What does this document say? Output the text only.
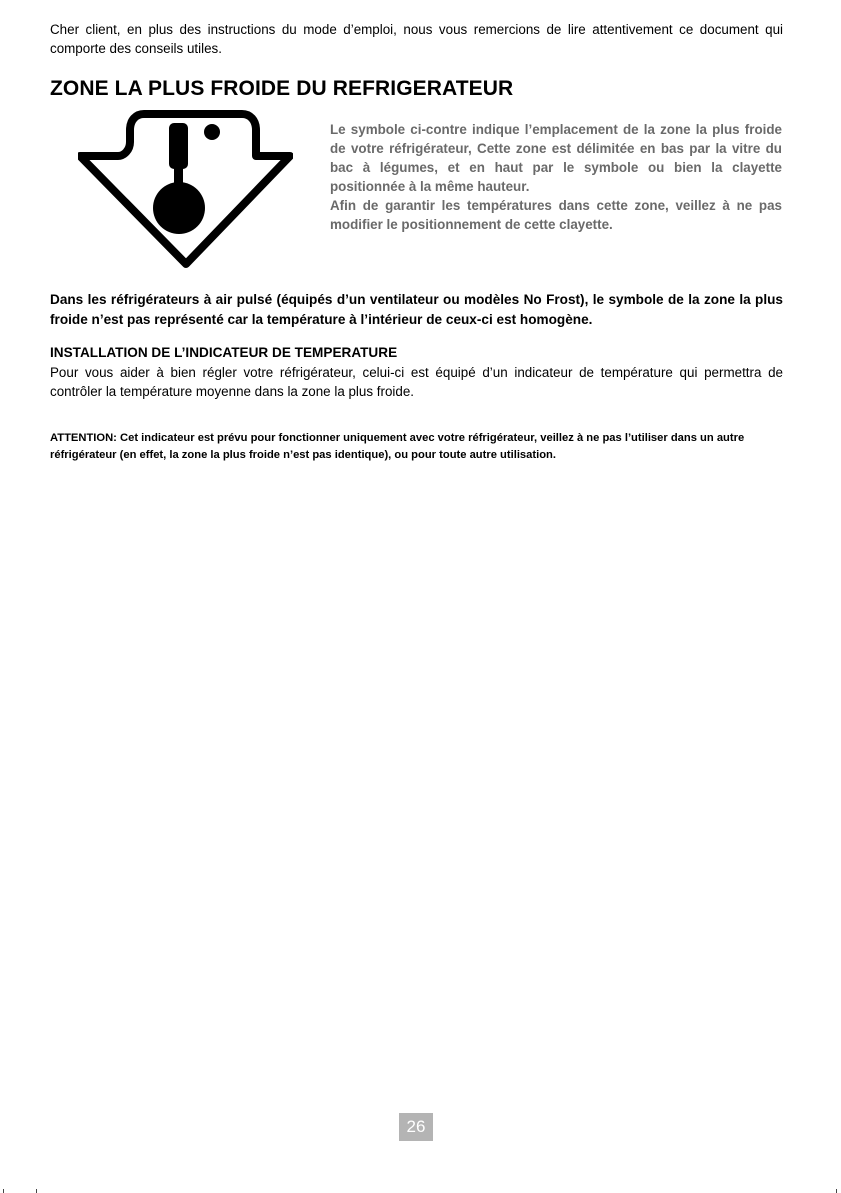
Cher client, en plus des instructions du mode d’emploi, nous vous remercions de lire attentivement ce document qui comporte des conseils utiles.

ZONE LA PLUS FROIDE DU REFRIGERATEUR

Le symbole ci-contre indique l’emplacement de la zone la plus froide de votre réfrigérateur, Cette zone est délimitée en bas par la vitre du bac à légumes, et en haut par le symbole ou bien la clayette positionnée à la même hauteur.

Afin de garantir les températures dans cette zone, veillez à ne pas modifier le positionnement de cette clayette.

Dans les réfrigérateurs à air pulsé (équipés d’un ventilateur ou modèles No Frost), le symbole de la zone la plus froide n’est pas représenté car la température à l’intérieur de ceux-ci est homogène.

INSTALLATION DE L’INDICATEUR DE TEMPERATURE

Pour vous aider à bien régler votre réfrigérateur, celui-ci est équipé d’un indicateur de température qui permettra de contrôler la température moyenne dans la zone la plus froide.

ATTENTION: Cet indicateur est prévu pour fonctionner uniquement avec votre réfrigérateur, veillez à ne pas l’utiliser dans un autre réfrigérateur (en effet, la zone la plus froide n’est pas identique), ou pour toute autre utilisation.

26
